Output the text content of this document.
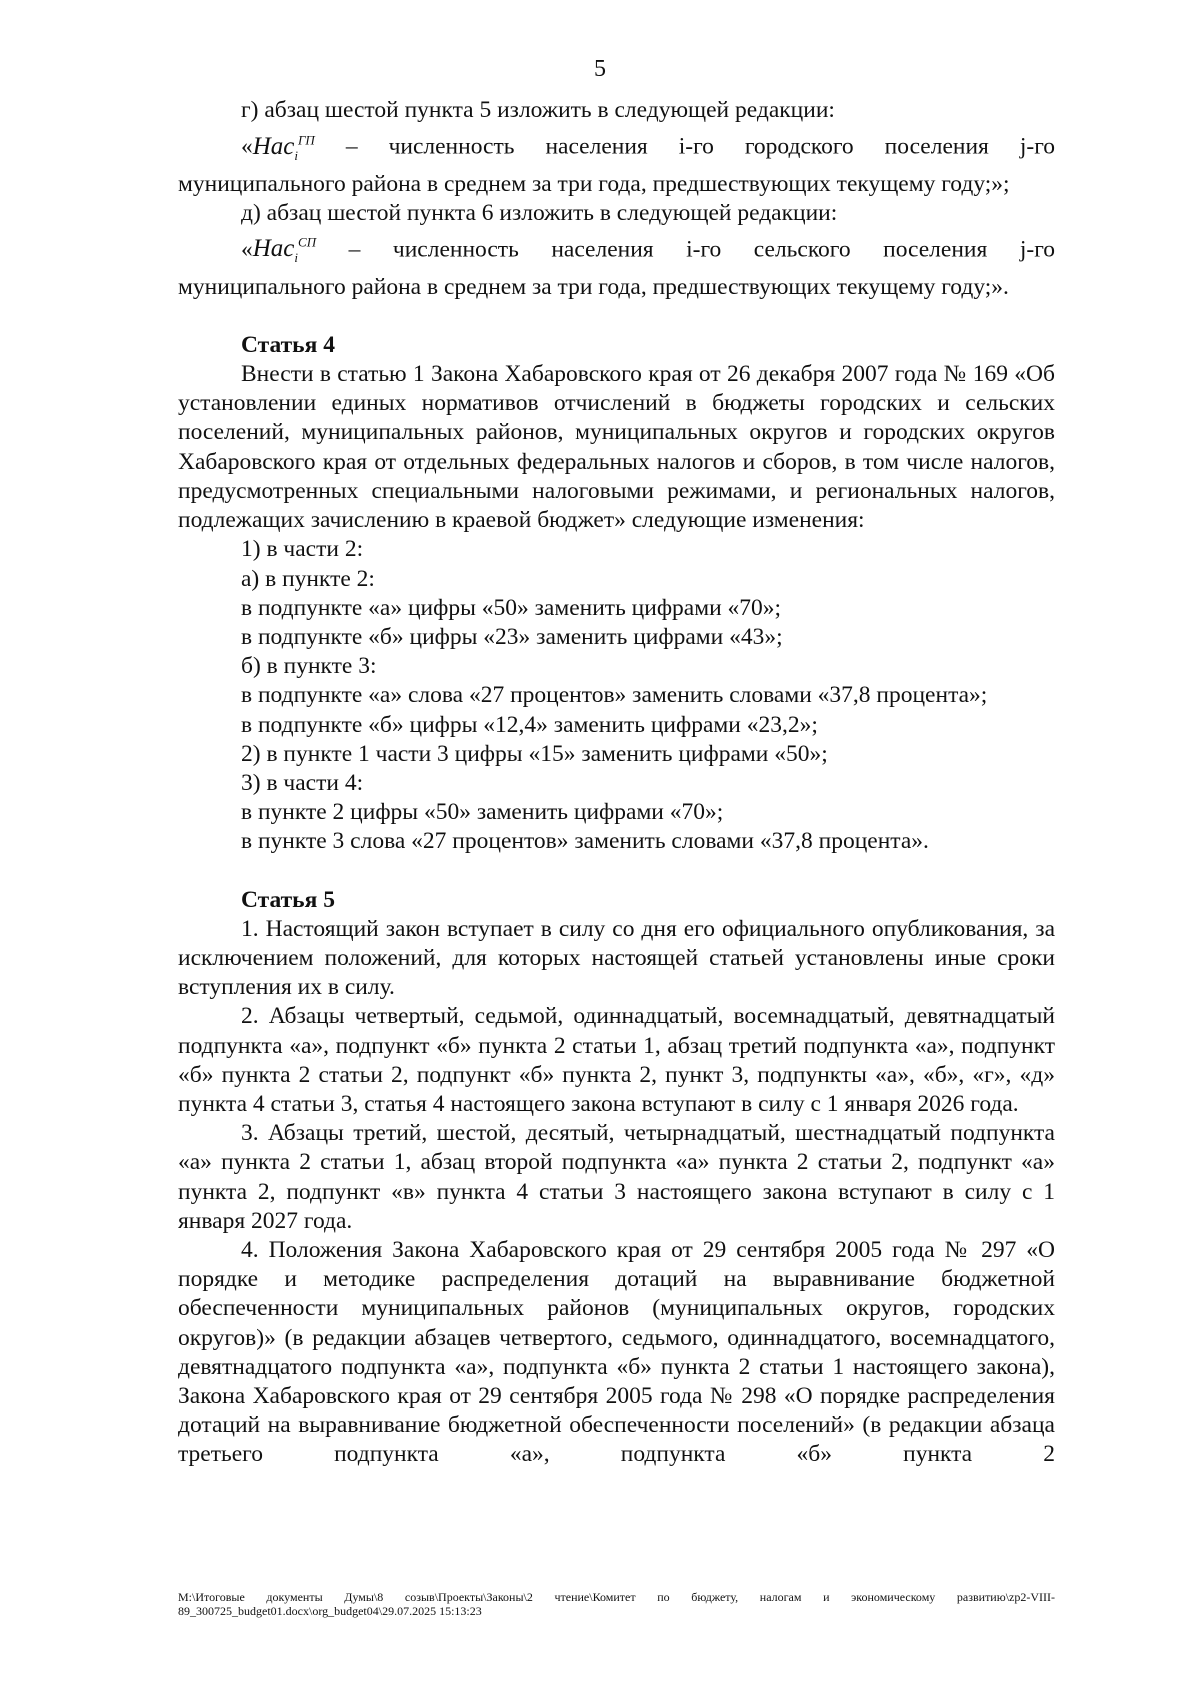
5

г) абзац шестой пункта 5 изложить в следующей редакции:

«Нас$_i^{ГП}$ – численность населения i-го городского поселения j-го

муниципального района в среднем за три года, предшествующих текущему году;»;

д) абзац шестой пункта 6 изложить в следующей редакции:

«Нас$_i^{СП}$ – численность населения i-го сельского поселения j-го

муниципального района в среднем за три года, предшествующих текущему году;».

Статья 4

Внести в статью 1 Закона Хабаровского края от 26 декабря 2007 года № 169 «Об установлении единых нормативов отчислений в бюджеты городских и сельских поселений, муниципальных районов, муниципальных округов и городских округов Хабаровского края от отдельных федеральных налогов и сборов, в том числе налогов, предусмотренных специальными налоговыми режимами, и региональных налогов, подлежащих зачислению в краевой бюджет» следующие изменения:

1) в части 2:

а) в пункте 2:

в подпункте «а» цифры «50» заменить цифрами «70»;

в подпункте «б» цифры «23» заменить цифрами «43»;

б) в пункте 3:

в подпункте «а» слова «27 процентов» заменить словами «37,8 процента»;

в подпункте «б» цифры «12,4» заменить цифрами «23,2»;

2) в пункте 1 части 3 цифры «15» заменить цифрами «50»;

3) в части 4:

в пункте 2 цифры «50» заменить цифрами «70»;

в пункте 3 слова «27 процентов» заменить словами «37,8 процента».

Статья 5

1. Настоящий закон вступает в силу со дня его официального опубликования, за исключением положений, для которых настоящей статьей установлены иные сроки вступления их в силу.

2. Абзацы четвертый, седьмой, одиннадцатый, восемнадцатый, девятнадцатый подпункта «а», подпункт «б» пункта 2 статьи 1, абзац третий подпункта «а», подпункт «б» пункта 2 статьи 2, подпункт «б» пункта 2, пункт 3, подпункты «а», «б», «г», «д» пункта 4 статьи 3, статья 4 настоящего закона вступают в силу с 1 января 2026 года.

3. Абзацы третий, шестой, десятый, четырнадцатый, шестнадцатый подпункта «а» пункта 2 статьи 1, абзац второй подпункта «а» пункта 2 статьи 2, подпункт «а» пункта 2, подпункт «в» пункта 4 статьи 3 настоящего закона вступают в силу с 1 января 2027 года.

4. Положения Закона Хабаровского края от 29 сентября 2005 года № 297 «О порядке и методике распределения дотаций на выравнивание бюджетной обеспеченности муниципальных районов (муниципальных округов, городских округов)» (в редакции абзацев четвертого, седьмого, одиннадцатого, восемнадцатого, девятнадцатого подпункта «а», подпункта «б» пункта 2 статьи 1 настоящего закона), Закона Хабаровского края от 29 сентября 2005 года № 298 «О порядке распределения дотаций на выравнивание бюджетной обеспеченности поселений» (в редакции абзаца третьего подпункта «а», подпункта «б» пункта 2

M:\Итоговые документы Думы\8 созыв\Проекты\Законы\2 чтение\Комитет по бюджету, налогам и экономическому развитию\zp2-VIII-89_300725_budget01.docx\org_budget04\29.07.2025 15:13:23
